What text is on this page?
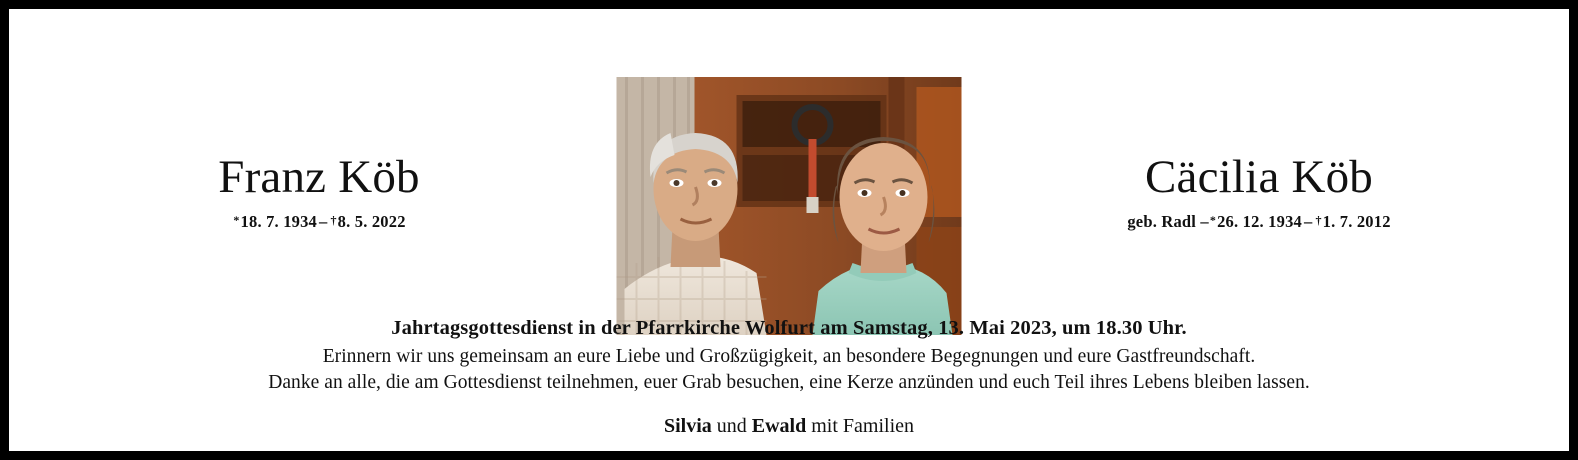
Franz Köb
*18. 7. 1934 – †8. 5. 2022
Cäcilia Köb
geb. Radl –*26. 12. 1934 – †1. 7. 2012
Jahrtagsgottesdienst in der Pfarrkirche Wolfurt am Samstag, 13. Mai 2023, um 18.30 Uhr.
Erinnern wir uns gemeinsam an eure Liebe und Großzügigkeit, an besondere Begegnungen und eure Gastfreundschaft.
Danke an alle, die am Gottesdienst teilnehmen, euer Grab besuchen, eine Kerze anzünden und euch Teil ihres Lebens bleiben lassen.
Silvia und Ewald mit Familien
